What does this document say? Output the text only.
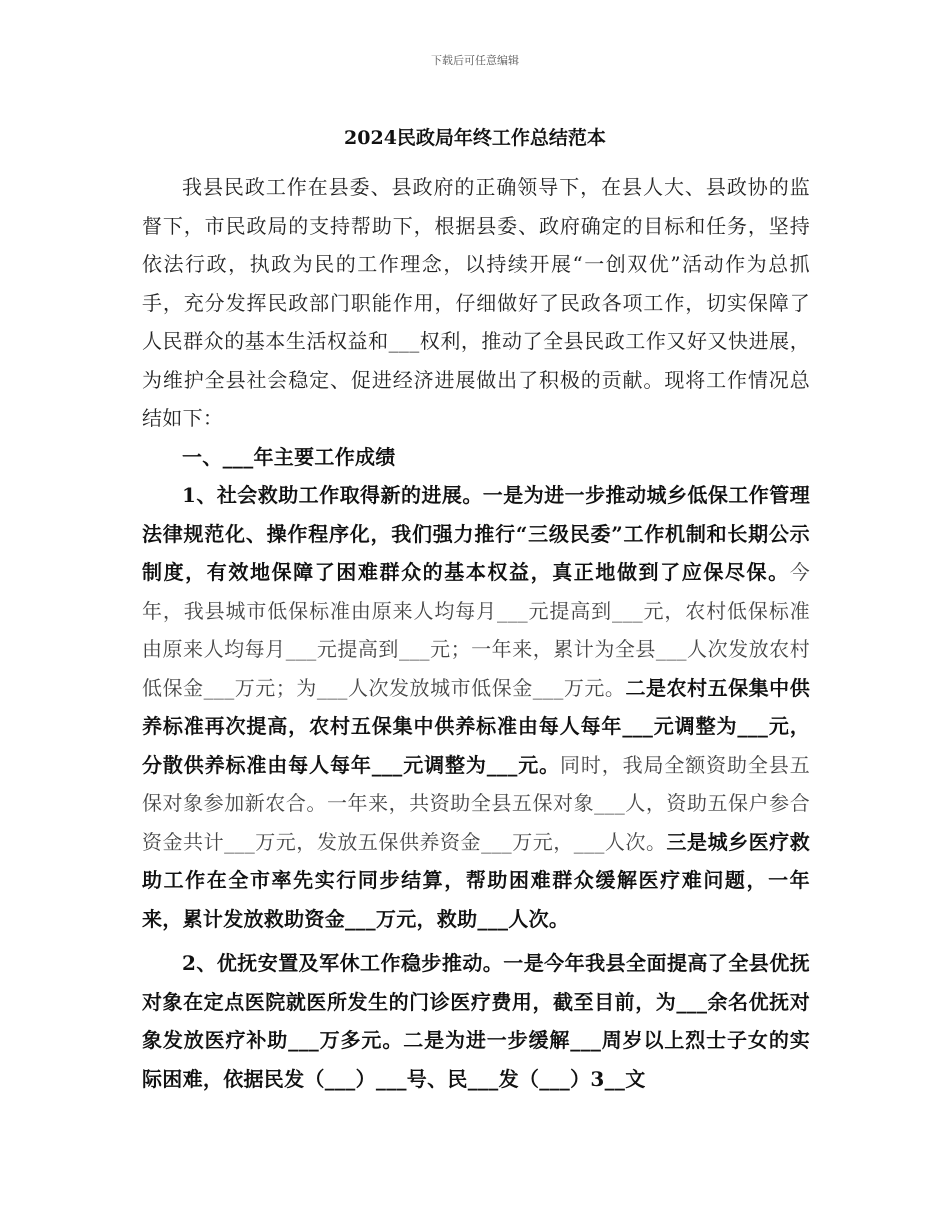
下载后可任意编辑
2024民政局年终工作总结范本

我县民政工作在县委、县政府的正确领导下，在县人大、县政协的监督下，市民政局的支持帮助下，根据县委、政府确定的目标和任务，坚持依法行政，执政为民的工作理念，以持续开展“一创双优”活动作为总抓手，充分发挥民政部门职能作用，仔细做好了民政各项工作，切实保障了人民群众的基本生活权益和___权利，推动了全县民政工作又好又快进展，为维护全县社会稳定、促进经济进展做出了积极的贡献。现将工作情况总结如下：

一、___年主要工作成绩

1、社会救助工作取得新的进展。一是为进一步推动城乡低保工作管理法律规范化、操作程序化，我们强力推行“三级民委”工作机制和长期公示制度，有效地保障了困难群众的基本权益，真正地做到了应保尽保。今年，我县城市低保标准由原来人均每月___元提高到___元，农村低保标准由原来人均每月___元提高到___元；一年来，累计为全县___人次发放农村低保金___万元；为___人次发放城市低保金___万元。二是农村五保集中供养标准再次提高，农村五保集中供养标准由每人每年___元调整为___元，分散供养标准由每人每年___元调整为___元。同时，我局全额资助全县五保对象参加新农合。一年来，共资助全县五保对象___人，资助五保户参合资金共计___万元，发放五保供养资金___万元，___人次。三是城乡医疗救助工作在全市率先实行同步结算，帮助困难群众缓解医疗难问题，一年来，累计发放救助资金___万元，救助___人次。

2、优抚安置及军休工作稳步推动。一是今年我县全面提高了全县优抚对象在定点医院就医所发生的门诊医疗费用，截至目前，为___余名优抚对象发放医疗补助___万多元。二是为进一步缓解___周岁以上烈士子女的实际困难，依据民发（___）___号、民___发（___）3__文
